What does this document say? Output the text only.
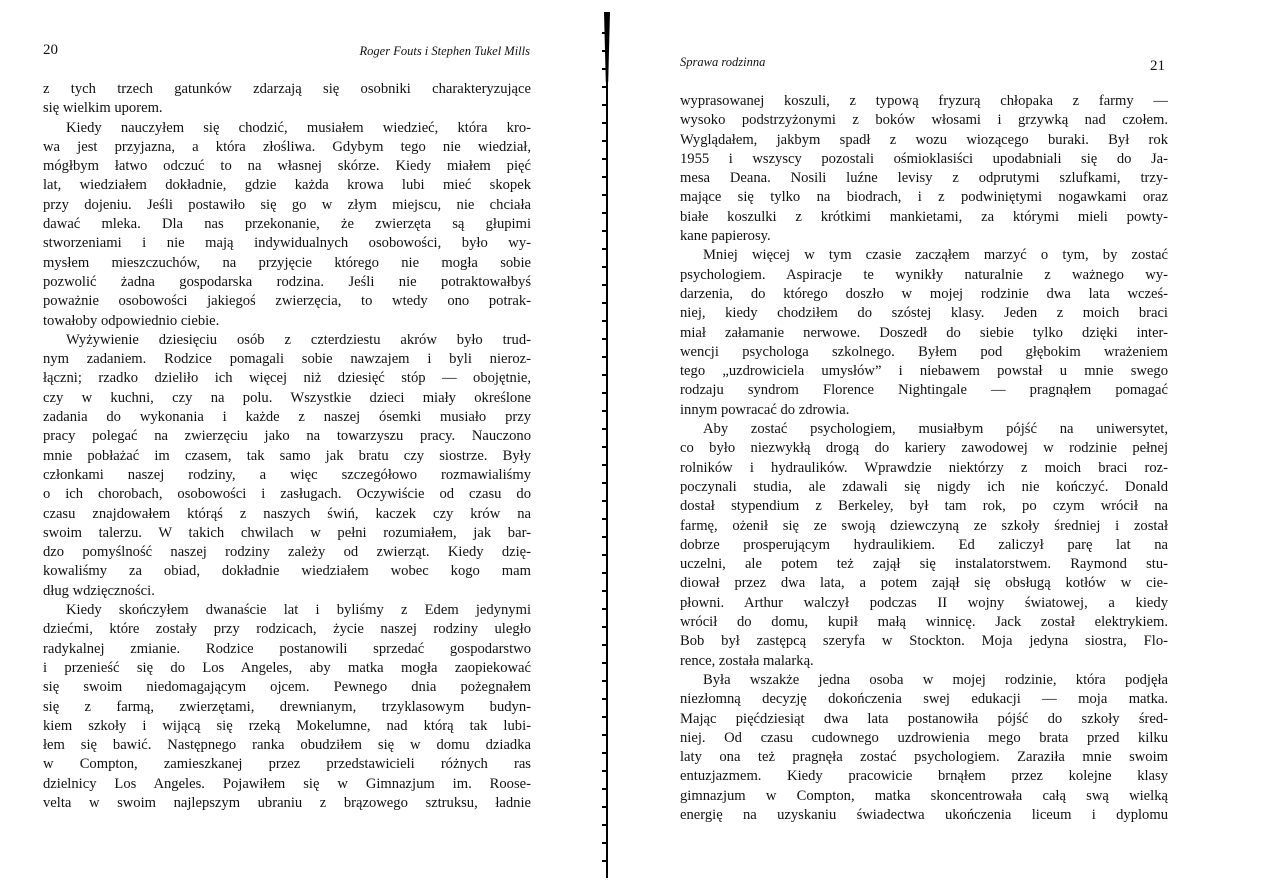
20	Roger Fouts i Stephen Tukel Mills
z tych trzech gatunków zdarzają się osobniki charakteryzujące
się wielkim uporem.
Kiedy nauczyłem się chodzić, musiałem wiedzieć, która kro-
wa jest przyjazna, a która złośliwa. Gdybym tego nie wiedział,
mógłbym łatwo odczuć to na własnej skórze. Kiedy miałem pięć
lat, wiedziałem dokładnie, gdzie każda krowa lubi mieć skopek
przy dojeniu. Jeśli postawiło się go w złym miejscu, nie chciała
dawać mleka. Dla nas przekonanie, że zwierzęta są głupimi
stworzeniami i nie mają indywidualnych osobowości, było wy-
mysłem mieszczuchów, na przyjęcie którego nie mogła sobie
pozwolić żadna gospodarska rodzina. Jeśli nie potraktowałbyś
poważnie osobowości jakiegoś zwierzęcia, to wtedy ono potrak-
towałoby odpowiednio ciebie.
Wyżywienie dziesięciu osób z czterdziestu akrów było trud-
nym zadaniem. Rodzice pomagali sobie nawzajem i byli nieroz-
łączni; rzadko dzieliło ich więcej niż dziesięć stóp — obojętnie,
czy w kuchni, czy na polu. Wszystkie dzieci miały określone
zadania do wykonania i każde z naszej ósemki musiało przy
pracy polegać na zwierzęciu jako na towarzyszu pracy. Nauczono
mnie pobłażać im czasem, tak samo jak bratu czy siostrze. Były
członkami naszej rodziny, a więc szczegółowo rozmawialiśmy
o ich chorobach, osobowości i zasługach. Oczywiście od czasu do
czasu znajdowałem którąś z naszych świń, kaczek czy krów na
swoim talerzu. W takich chwilach w pełni rozumiałem, jak bar-
dzo pomyślność naszej rodziny zależy od zwierząt. Kiedy dzię-
kowaliśmy za obiad, dokładnie wiedziałem wobec kogo mam
dług wdzięczności.
Kiedy skończyłem dwanaście lat i byliśmy z Edem jedynymi
dziećmi, które zostały przy rodzicach, życie naszej rodziny uległo
radykalnej zmianie. Rodzice postanowili sprzedać gospodarstwo
i przenieść się do Los Angeles, aby matka mogła zaopiekować
się swoim niedomagającym ojcem. Pewnego dnia pożegnałem
się z farmą, zwierzętami, drewnianym, trzyklasowym budyn-
kiem szkoły i wijącą się rzeką Mokelumne, nad którą tak lubi-
łem się bawić. Następnego ranka obudziłem się w domu dziadka
w Compton, zamieszkanej przez przedstawicieli różnych ras
dzielnicy Los Angeles. Pojawiłem się w Gimnazjum im. Roose-
velta w swoim najlepszym ubraniu z brązowego sztruksu, ładnie
Sprawa rodzinna	21
wyprasowanej koszuli, z typową fryzurą chłopaka z farmy —
wysoko podstrzyżonymi z boków włosami i grzywką nad czołem.
Wyglądałem, jakbym spadł z wozu wiozącego buraki. Był rok
1955 i wszyscy pozostali ośmioklasiści upodabniali się do Ja-
mesa Deana. Nosili luźne levisy z odprutymi szlufkami, trzy-
mające się tylko na biodrach, i z podwiniętymi nogawkami oraz
białe koszulki z krótkimi mankietami, za którymi mieli powty-
kane papierosy.
Mniej więcej w tym czasie zacząłem marzyć o tym, by zostać
psychologiem. Aspiracje te wynikły naturalnie z ważnego wy-
darzenia, do którego doszło w mojej rodzinie dwa lata wcześ-
niej, kiedy chodziłem do szóstej klasy. Jeden z moich braci
miał załamanie nerwowe. Doszedł do siebie tylko dzięki inter-
wencji psychologa szkolnego. Byłem pod głębokim wrażeniem
tego „uzdrowiciela umysłów” i niebawem powstał u mnie swego
rodzaju syndrom Florence Nightingale — pragnąłem pomagać
innym powracać do zdrowia.
Aby zostać psychologiem, musiałbym pójść na uniwersytet,
co było niezwykłą drogą do kariery zawodowej w rodzinie pełnej
rolników i hydraulików. Wprawdzie niektórzy z moich braci roz-
poczynali studia, ale zdawali się nigdy ich nie kończyć. Donald
dostał stypendium z Berkeley, był tam rok, po czym wrócił na
farmę, ożenił się ze swoją dziewczyną ze szkoły średniej i został
dobrze prosperującym hydraulikiem. Ed zaliczył parę lat na
uczelni, ale potem też zajął się instalatorstwem. Raymond stu-
diował przez dwa lata, a potem zajął się obsługą kotłów w cie-
płowni. Arthur walczył podczas II wojny światowej, a kiedy
wrócił do domu, kupił małą winnicę. Jack został elektrykiem.
Bob był zastępcą szeryfa w Stockton. Moja jedyna siostra, Flo-
rence, została malarką.
Była wszakże jedna osoba w mojej rodzinie, która podjęła
niezłomną decyzję dokończenia swej edukacji — moja matka.
Mając pięćdziesiąt dwa lata postanowiła pójść do szkoły śred-
niej. Od czasu cudownego uzdrowienia mego brata przed kilku
laty ona też pragnęła zostać psychologiem. Zaraziła mnie swoim
entuzjazmem. Kiedy pracowicie brnąłem przez kolejne klasy
gimnazjum w Compton, matka skoncentrowała całą swą wielką
energię na uzyskaniu świadectwa ukończenia liceum i dyplomu
